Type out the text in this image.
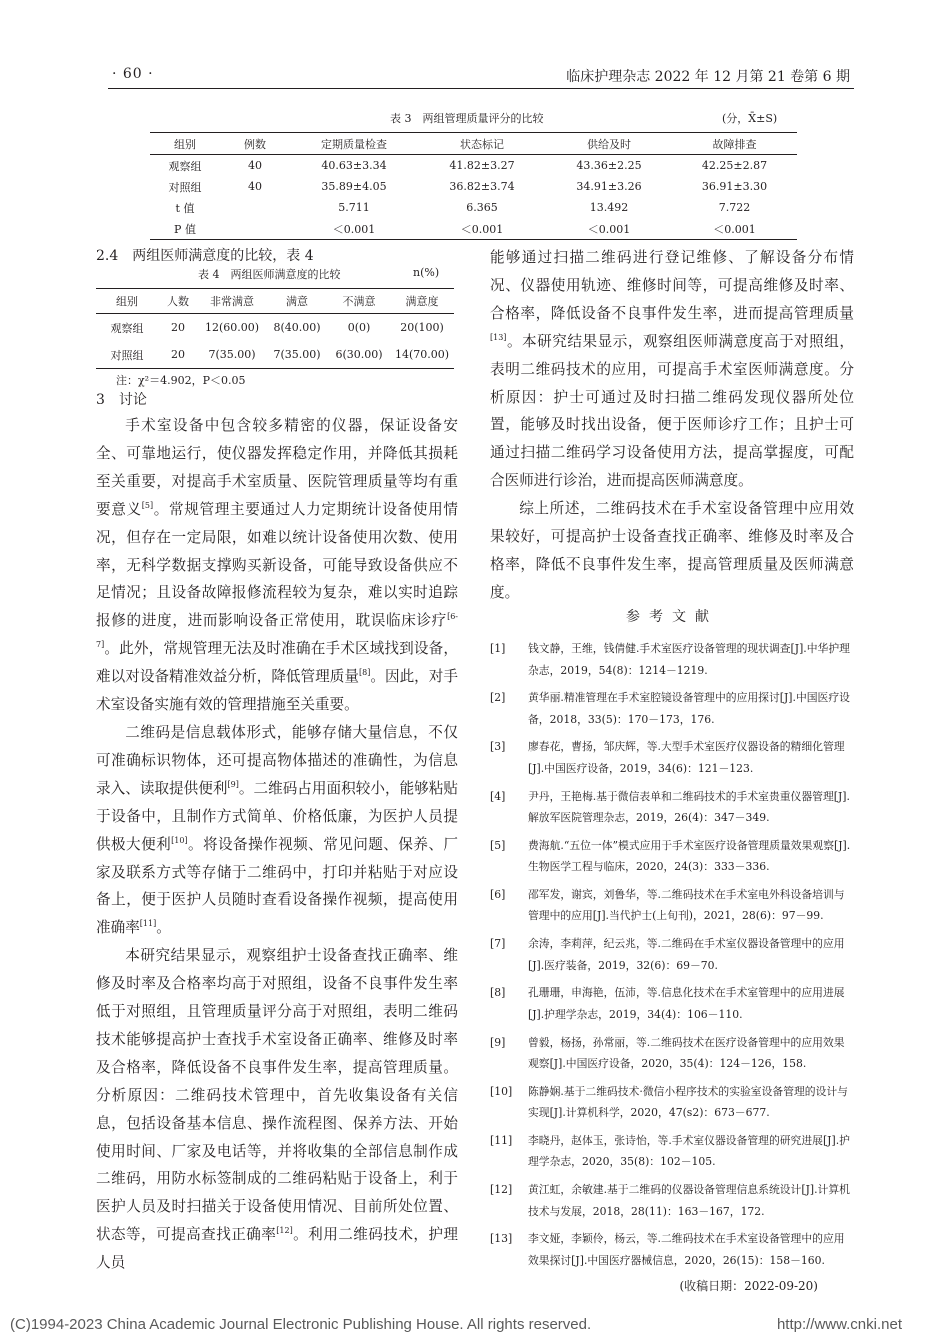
· 60 ·	临床护理杂志 2022 年 12 月第 21 卷第 6 期
表 3　两组管理质量评分的比较	(分，X̄±S)
组别	例数	定期质量检查	状态标记	供给及时	故障排查
观察组	40	40.63±3.34	41.82±3.27	43.36±2.25	42.25±2.87
对照组	40	35.89±4.05	36.82±3.74	34.91±3.26	36.91±3.30
t 值		5.711	6.365	13.492	7.722
P 值		＜0.001	＜0.001	＜0.001	＜0.001
2.4　两组医师满意度的比较，表 4
表 4　两组医师满意度的比较	n(%)
组别	人数	非常满意	满意	不满意	满意度
观察组	20	12(60.00)	8(40.00)	0(0)	20(100)
对照组	20	7(35.00)	7(35.00)	6(30.00)	14(70.00)
注：χ²＝4.902，P＜0.05
3　讨论

手术室设备中包含较多精密的仪器，保证设备安全、可靠地运行，使仪器发挥稳定作用，并降低其损耗至关重要，对提高手术室质量、医院管理质量等均有重要意义[5]。常规管理主要通过人力定期统计设备使用情况，但存在一定局限，如难以统计设备使用次数、使用率，无科学数据支撑购买新设备，可能导致设备供应不足情况；且设备故障报修流程较为复杂，难以实时追踪报修的进度，进而影响设备正常使用，耽误临床诊疗[6-7]。此外，常规管理无法及时准确在手术区域找到设备，难以对设备精准效益分析，降低管理质量[8]。因此，对手术室设备实施有效的管理措施至关重要。

二维码是信息载体形式，能够存储大量信息，不仅可准确标识物体，还可提高物体描述的准确性，为信息录入、读取提供便利[9]。二维码占用面积较小，能够粘贴于设备中，且制作方式简单、价格低廉，为医护人员提供极大便利[10]。将设备操作视频、常见问题、保养、厂家及联系方式等存储于二维码中，打印并粘贴于对应设备上，便于医护人员随时查看设备操作视频，提高使用准确率[11]。

本研究结果显示，观察组护士设备查找正确率、维修及时率及合格率均高于对照组，设备不良事件发生率低于对照组，且管理质量评分高于对照组，表明二维码技术能够提高护士查找手术室设备正确率、维修及时率及合格率，降低设备不良事件发生率，提高管理质量。分析原因：二维码技术管理中，首先收集设备有关信息，包括设备基本信息、操作流程图、保养方法、开始使用时间、厂家及电话等，并将收集的全部信息制作成二维码，用防水标签制成的二维码粘贴于设备上，利于医护人员及时扫描关于设备使用情况、目前所处位置、状态等，可提高查找正确率[12]。利用二维码技术，护理人员

能够通过扫描二维码进行登记维修、了解设备分布情况、仪器使用轨迹、维修时间等，可提高维修及时率、合格率，降低设备不良事件发生率，进而提高管理质量[13]。本研究结果显示，观察组医师满意度高于对照组，表明二维码技术的应用，可提高手术室医师满意度。分析原因：护士可通过及时扫描二维码发现仪器所处位置，能够及时找出设备，便于医师诊疗工作；且护士可通过扫描二维码学习设备使用方法，提高掌握度，可配合医师进行诊治，进而提高医师满意度。

综上所述，二维码技术在手术室设备管理中应用效果较好，可提高护士设备查找正确率、维修及时率及合格率，降低不良事件发生率，提高管理质量及医师满意度。

参考文献
[1] 钱文静，王维，钱倩健.手术室医疗设备管理的现状调查[J].中华护理杂志，2019，54(8)：1214－1219.
[2] 黄华丽.精准管理在手术室腔镜设备管理中的应用探讨[J].中国医疗设备，2018，33(5)：170－173，176.
[3] 廖春花，曹扬，邹庆辉，等.大型手术室医疗仪器设备的精细化管理[J].中国医疗设备，2019，34(6)：121－123.
[4] 尹丹，王艳梅.基于微信表单和二维码技术的手术室贵重仪器管理[J].解放军医院管理杂志，2019，26(4)：347－349.
[5] 费海航.“五位一体”模式应用于手术室医疗设备管理质量效果观察[J].生物医学工程与临床，2020，24(3)：333－336.
[6] 邵军发，谢宾，刘鲁华，等.二维码技术在手术室电外科设备培训与管理中的应用[J].当代护士(上旬刊)，2021，28(6)：97－99.
[7] 余涛，李莉萍，纪云兆，等.二维码在手术室仪器设备管理中的应用[J].医疗装备，2019，32(6)：69－70.
[8] 孔珊珊，申海艳，伍沛，等.信息化技术在手术室管理中的应用进展[J].护理学杂志，2019，34(4)：106－110.
[9] 曾毅，杨扬，孙常丽，等.二维码技术在医疗设备管理中的应用效果观察[J].中国医疗设备，2020，35(4)：124－126，158.
[10] 陈静娴.基于二维码技术·微信小程序技术的实验室设备管理的设计与实现[J].计算机科学，2020，47(s2)：673－677.
[11] 李晓丹，赵体玉，张诗怡，等.手术室仪器设备管理的研究进展[J].护理学杂志，2020，35(8)：102－105.
[12] 黄江虹，余敏建.基于二维码的仪器设备管理信息系统设计[J].计算机技术与发展，2018，28(11)：163－167，172.
[13] 李文娅，李颖伶，杨云，等.二维码技术在手术室设备管理中的应用效果探讨[J].中国医疗器械信息，2020，26(15)：158－160.
(收稿日期：2022-09-20)
(C)1994-2023 China Academic Journal Electronic Publishing House. All rights reserved.	http://www.cnki.net
